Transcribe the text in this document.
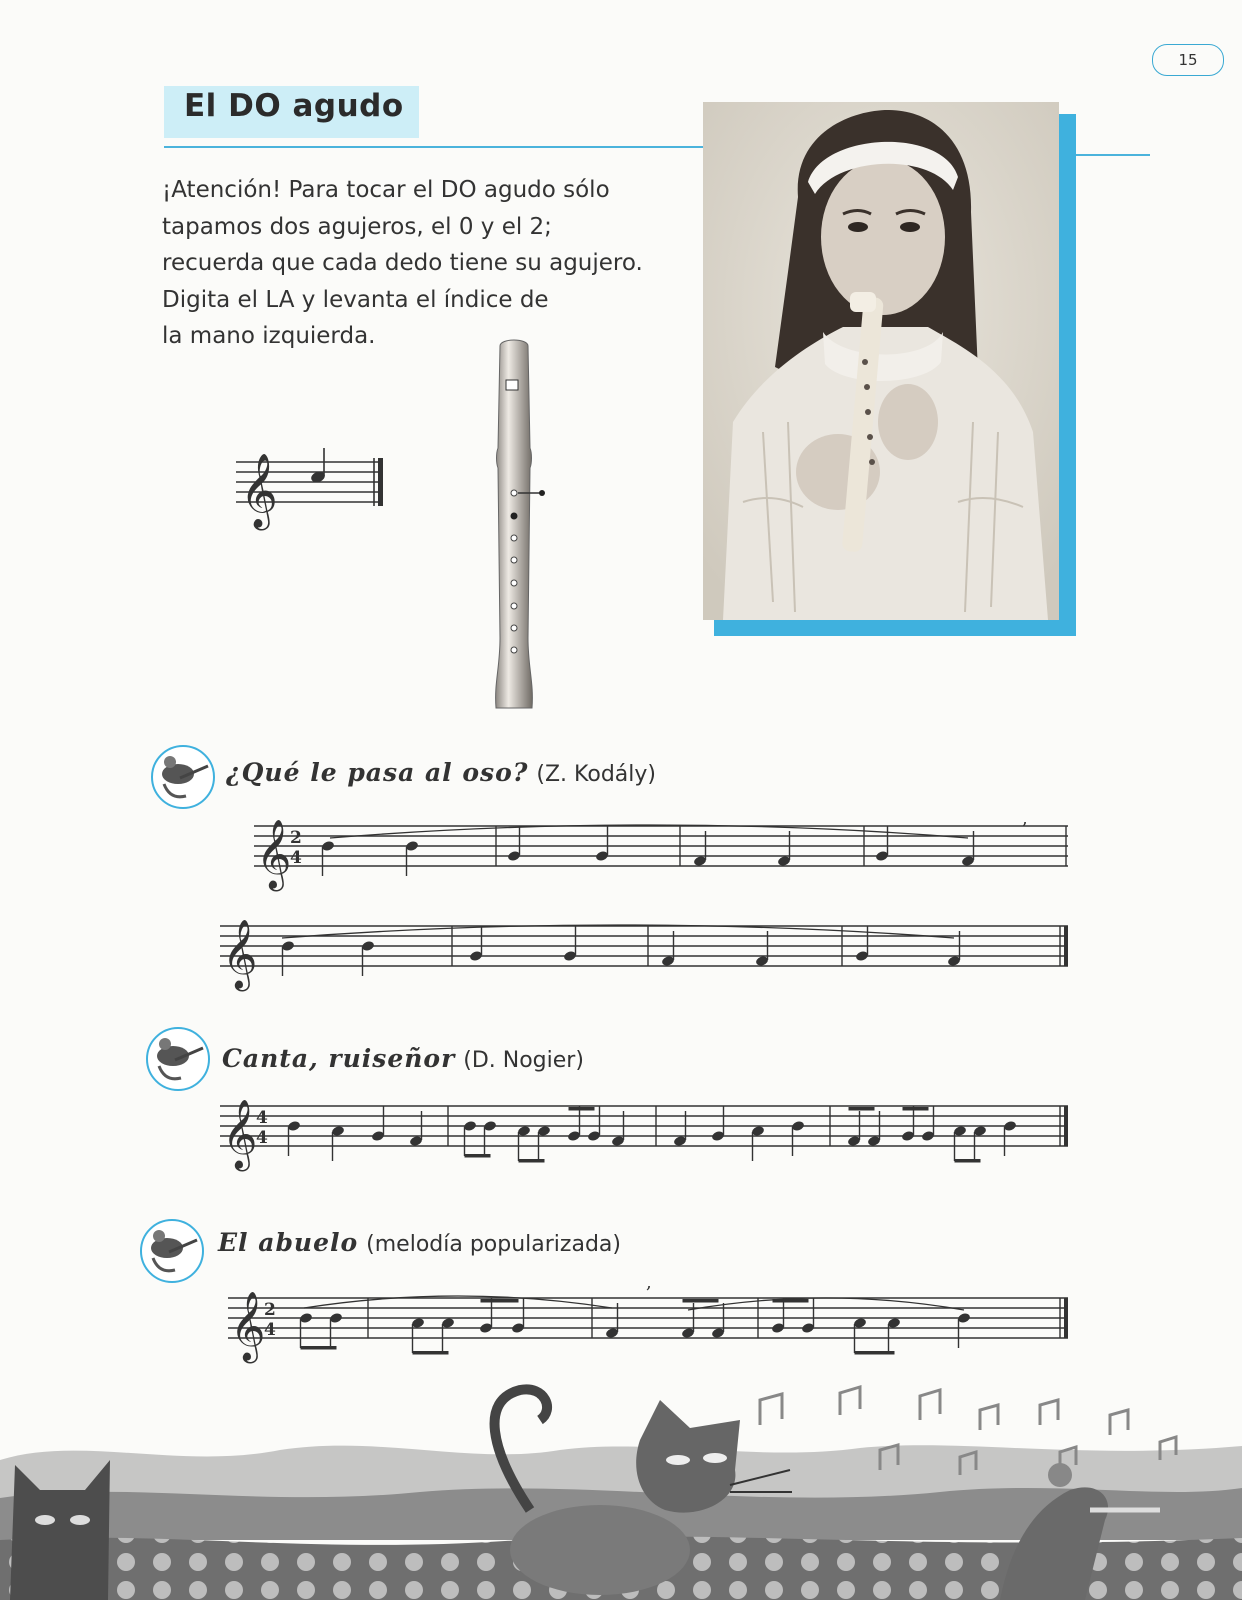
15
El DO agudo
¡Atención! Para tocar el DO agudo sólo
tapamos dos agujeros, el 0 y el 2;
recuerda que cada dedo tiene su agujero.
Digita el LA y levanta el índice de
la mano izquierda.
𝄞
¿Qué le pasa al oso? (Z. Kodály)
Canta, ruiseñor (D. Nogier)
El abuelo (melodía popularizada)
𝄞
2
4
,
𝄞
𝄞
4
4
𝄞
2
4
,
